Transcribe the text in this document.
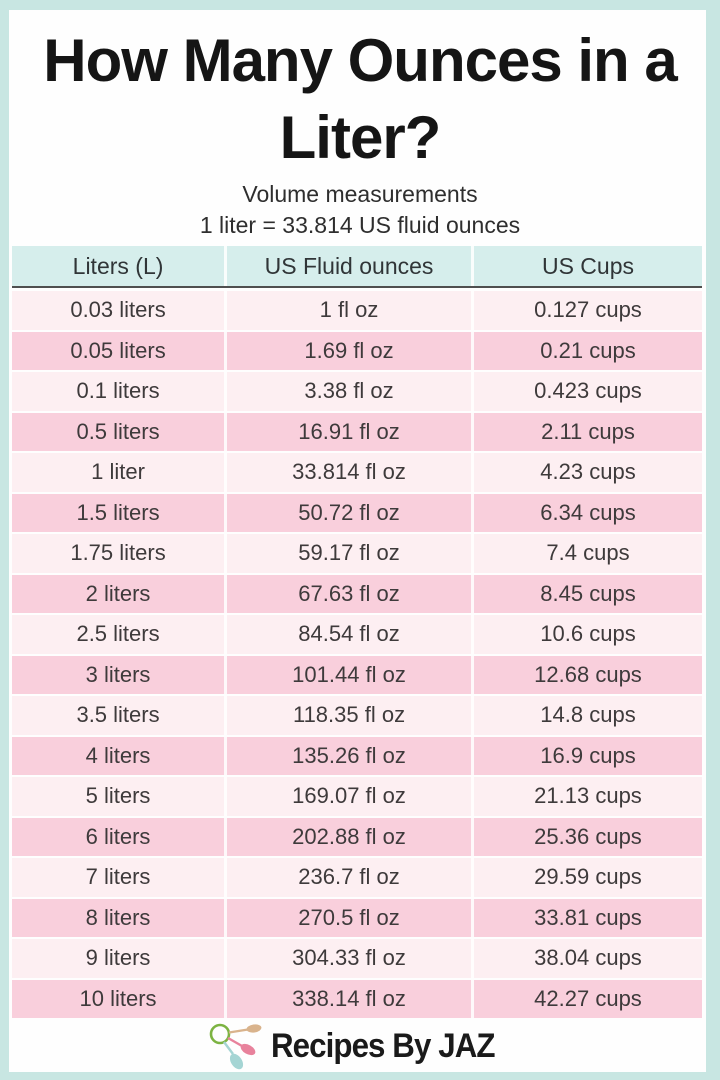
How Many Ounces in a
Liter?
Volume measurements
1 liter = 33.814 US fluid ounces
Liters (L)	US Fluid ounces	US Cups
0.03 liters	1 fl oz	0.127 cups
0.05 liters	1.69 fl oz	0.21 cups
0.1 liters	3.38 fl oz	0.423 cups
0.5 liters	16.91 fl oz	2.11 cups
1 liter	33.814 fl oz	4.23 cups
1.5 liters	50.72 fl oz	6.34 cups
1.75 liters	59.17 fl oz	7.4 cups
2 liters	67.63 fl oz	8.45 cups
2.5 liters	84.54 fl oz	10.6 cups
3 liters	101.44 fl oz	12.68 cups
3.5 liters	118.35 fl oz	14.8 cups
4 liters	135.26 fl oz	16.9 cups
5 liters	169.07 fl oz	21.13 cups
6 liters	202.88 fl oz	25.36 cups
7 liters	236.7 fl oz	29.59 cups
8 liters	270.5 fl oz	33.81 cups
9 liters	304.33 fl oz	38.04 cups
10 liters	338.14 fl oz	42.27 cups
Recipes By JAZ
